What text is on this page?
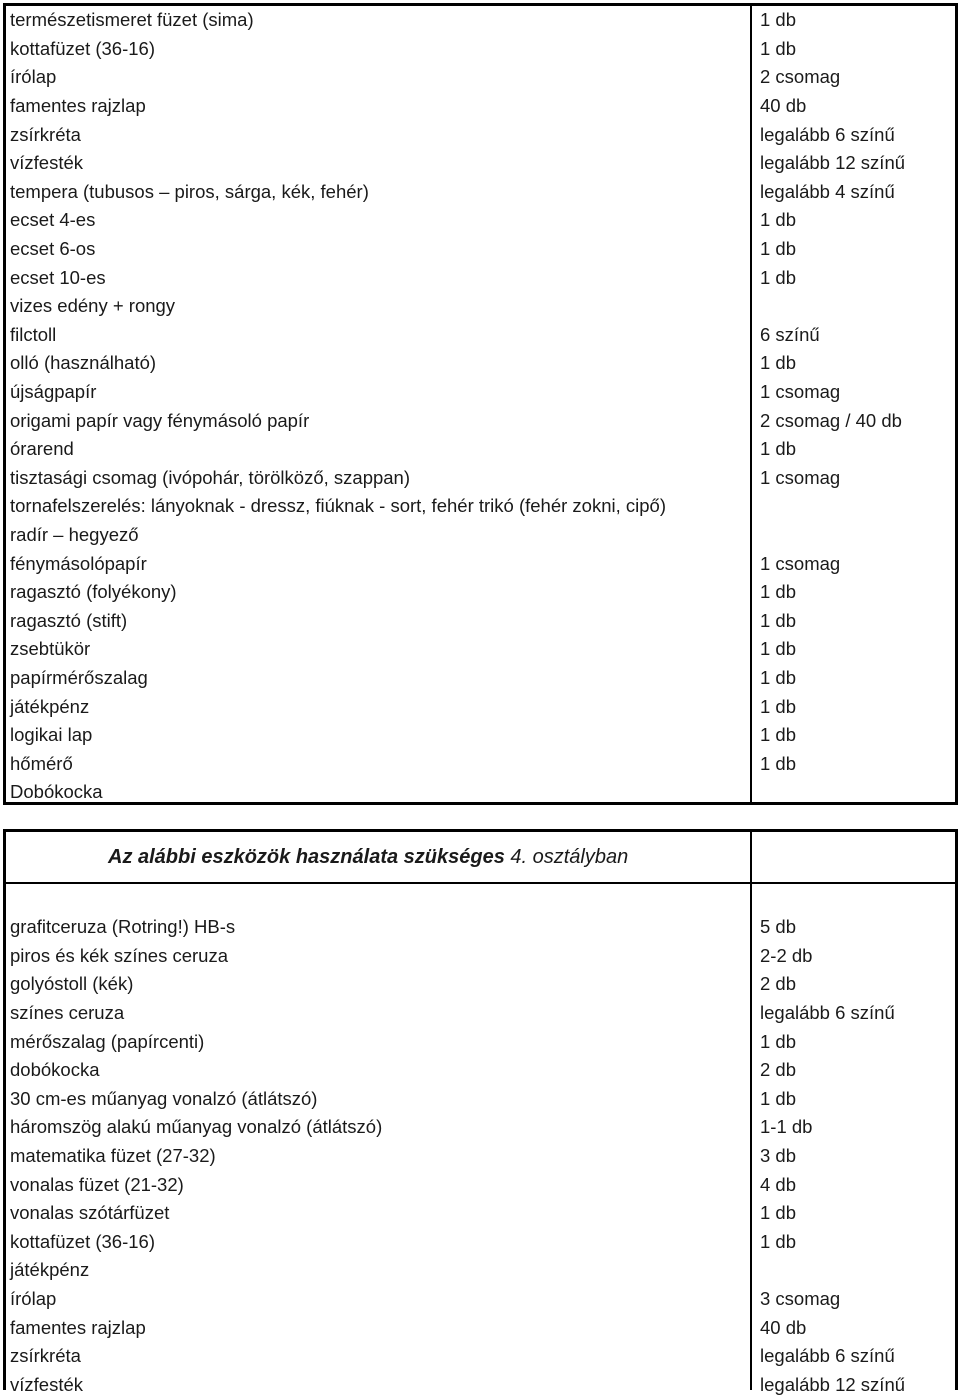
természetismeret füzet (sima)	1 db
kottafüzet (36-16)	1 db
írólap	2 csomag
famentes rajzlap	40 db
zsírkréta	legalább 6 színű
vízfesték	legalább 12 színű
tempera (tubusos – piros, sárga, kék, fehér)	legalább 4 színű
ecset 4-es	1 db
ecset 6-os	1 db
ecset 10-es	1 db
vizes edény + rongy
filctoll	6 színű
olló (használható)	1 db
újságpapír	1 csomag
origami papír vagy fénymásoló papír	2 csomag / 40 db
órarend	1 db
tisztasági csomag (ivópohár, törölköző, szappan)	1 csomag
tornafelszerelés: lányoknak - dressz, fiúknak - sort, fehér trikó (fehér zokni, cipő)
radír – hegyező
fénymásolópapír	1 csomag
ragasztó (folyékony)	1 db
ragasztó (stift)	1 db
zsebtükör	1 db
papírmérőszalag	1 db
játékpénz	1 db
logikai lap	1 db
hőmérő	1 db
Dobókocka
Az alábbi eszközök használata szükséges 4. osztályban
grafitceruza (Rotring!) HB-s	5 db
piros és kék színes ceruza	2-2 db
golyóstoll (kék)	2 db
színes ceruza	legalább 6 színű
mérőszalag (papírcenti)	1 db
dobókocka	2 db
30 cm-es műanyag vonalzó (átlátszó)	1 db
háromszög alakú műanyag vonalzó (átlátszó)	1-1 db
matematika füzet (27-32)	3 db
vonalas füzet (21-32)	4 db
vonalas szótárfüzet	1 db
kottafüzet (36-16)	1 db
játékpénz
írólap	3 csomag
famentes rajzlap	40 db
zsírkréta	legalább 6 színű
vízfesték	legalább 12 színű
